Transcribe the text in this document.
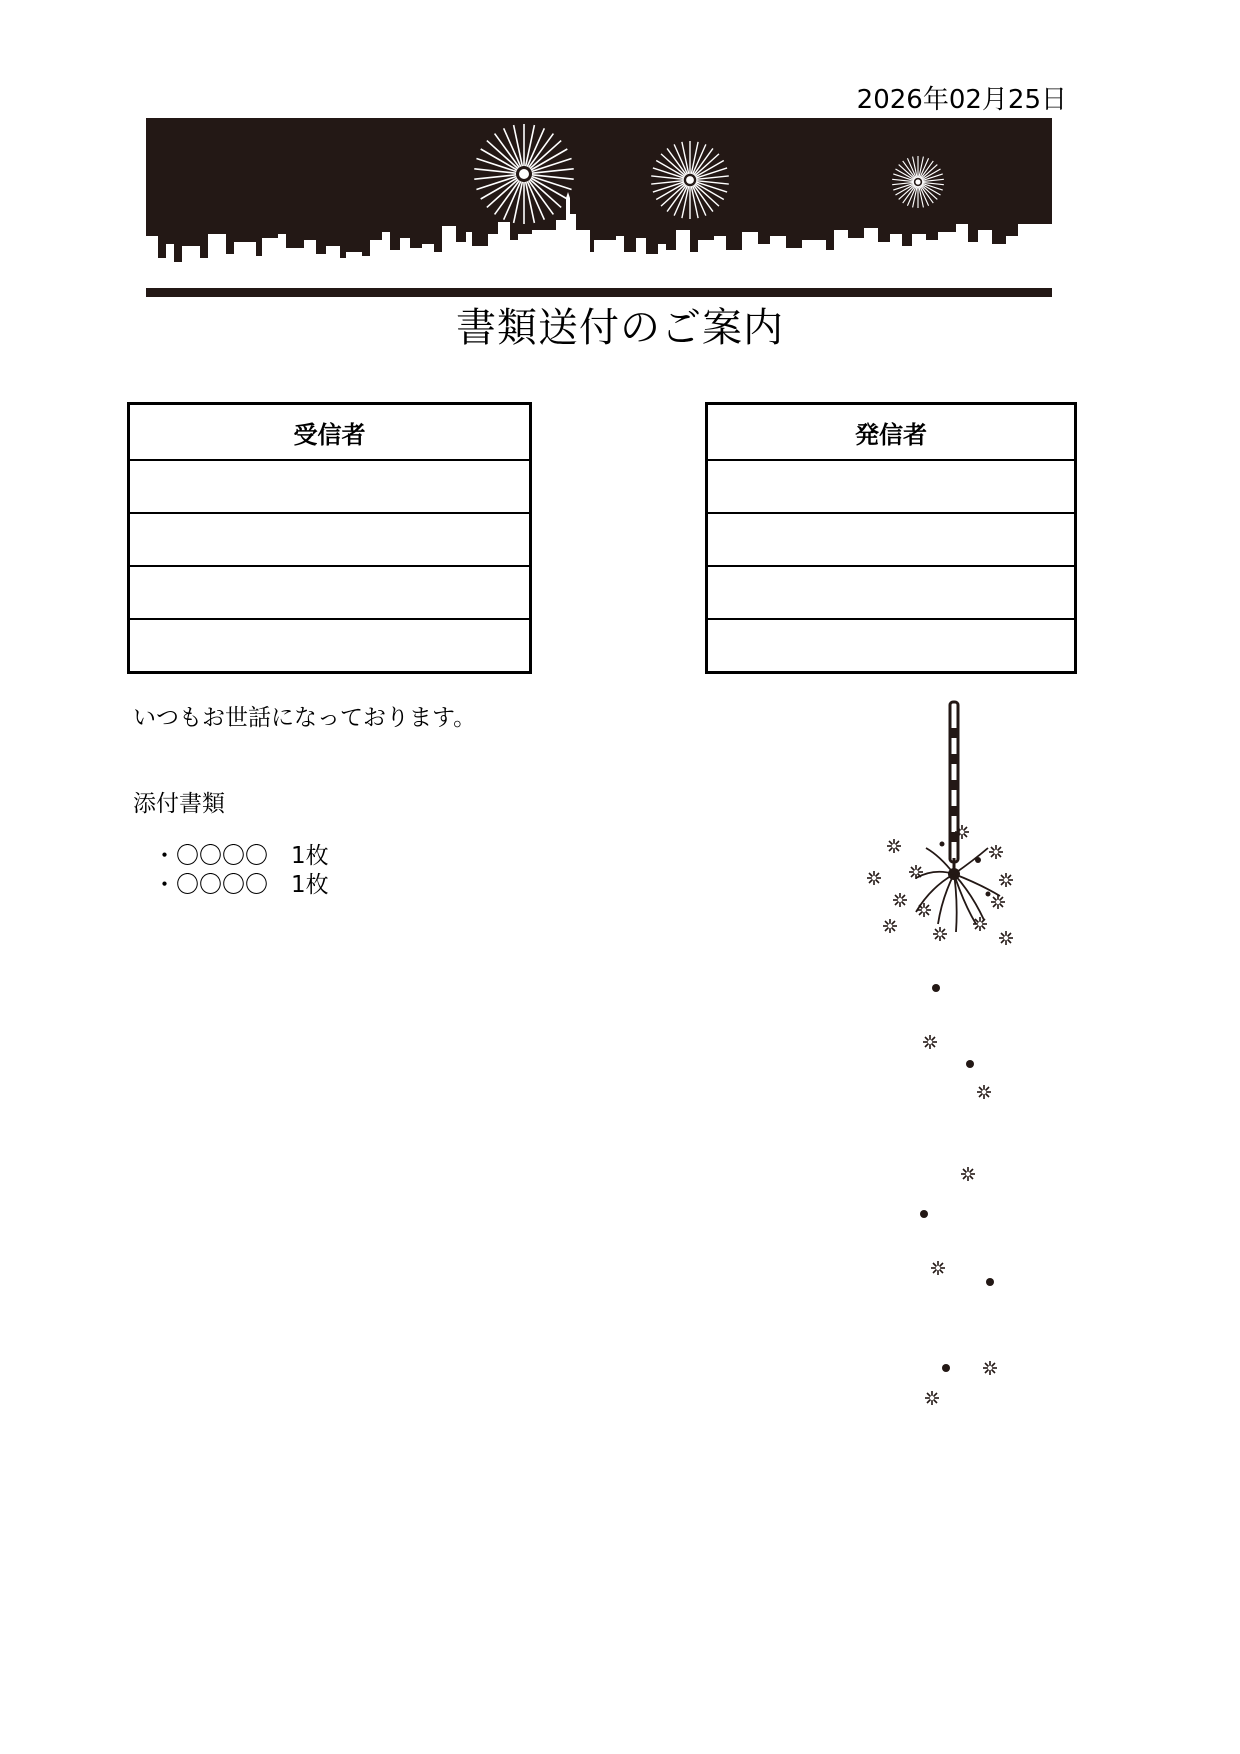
2026年02月25日
書類送付のご案内
受信者	発信者

いつもお世話になっております。
添付書類
・〇〇〇〇　1枚
・〇〇〇〇　1枚
